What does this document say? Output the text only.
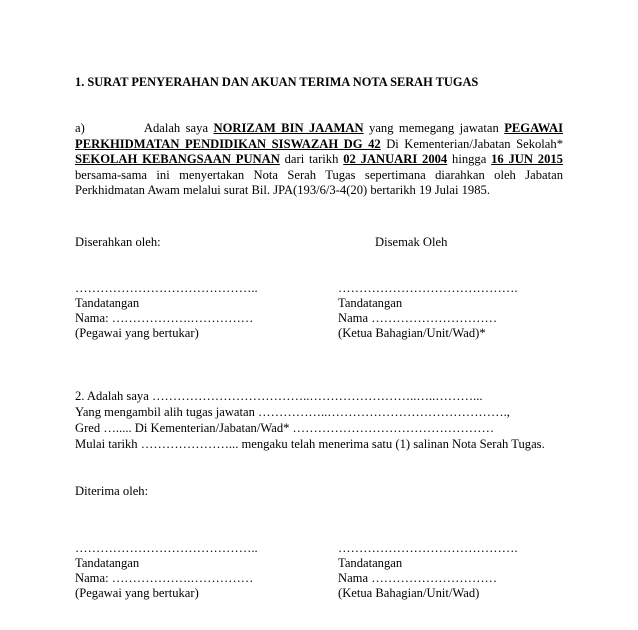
1. SURAT PENYERAHAN DAN AKUAN TERIMA NOTA SERAH TUGAS
a)	Adalah saya NORIZAM BIN JAAMAN yang memegang jawatan PEGAWAI
PERKHIDMATAN PENDIDIKAN SISWAZAH DG 42 Di Kementerian/Jabatan Sekolah*
SEKOLAH KEBANGSAAN PUNAN dari tarikh 02 JANUARI 2004 hingga 16 JUN 2015
bersama-sama ini menyertakan Nota Serah Tugas sepertimana diarahkan oleh Jabatan
Perkhidmatan Awam melalui surat Bil. JPA(193/6/3-4(20) bertarikh 19 Julai 1985.
Diserahkan oleh:	Disemak Oleh
……………………………………..
Tandatangan
Nama: ……………….……………
(Pegawai yang bertukar)
…………………………………….
Tandatangan
Nama …………………………
(Ketua Bahagian/Unit/Wad)*
2. Adalah saya ………………………………..……………………..…..………...
Yang mengambil alih tugas jawatan ……………..…………………………………….,
Gred …..... Di Kementerian/Jabatan/Wad* …………………………………………
Mulai tarikh …………………... mengaku telah menerima satu (1) salinan Nota Serah Tugas.
Diterima oleh:
……………………………………..
Tandatangan
Nama: ……………….……………
(Pegawai yang bertukar)
…………………………………….
Tandatangan
Nama …………………………
(Ketua Bahagian/Unit/Wad)
